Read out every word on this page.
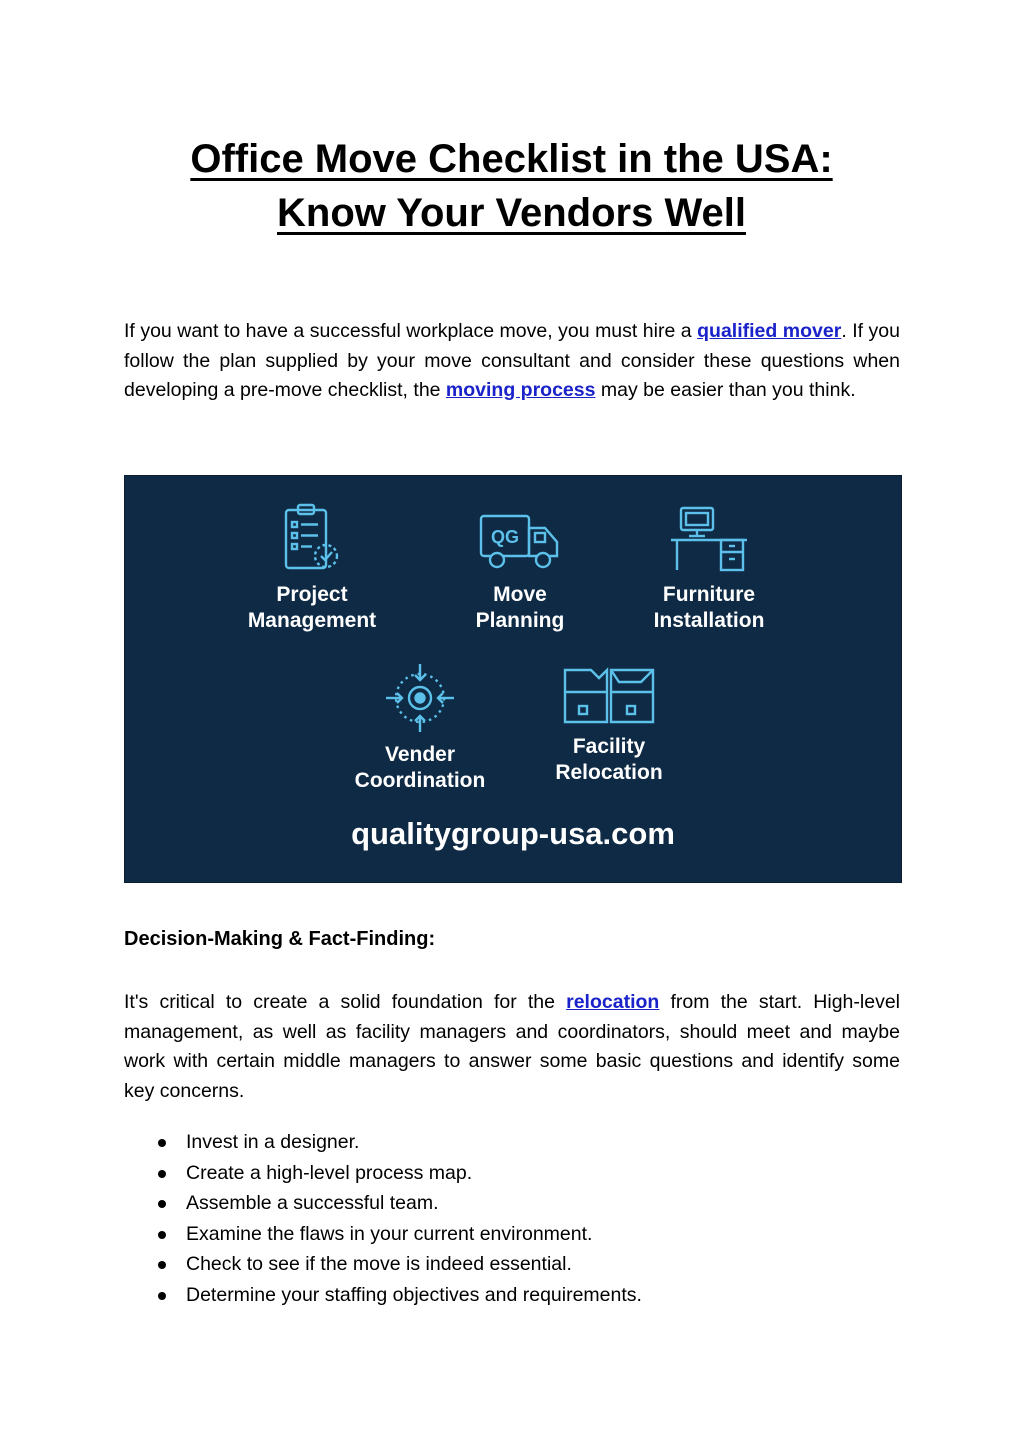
Office Move Checklist in the USA:
Know Your Vendors Well

If you want to have a successful workplace move, you must hire a qualified mover. If you follow the plan supplied by your move consultant and consider these questions when developing a pre-move checklist, the moving process may be easier than you think.

Project
Management
QG
Move
Planning
Furniture
Installation
Vender
Coordination
Facility
Relocation
qualitygroup-usa.com
Decision-Making & Fact-Finding:

It's critical to create a solid foundation for the relocation from the start. High-level management, as well as facility managers and coordinators, should meet and maybe work with certain middle managers to answer some basic questions and identify some key concerns.

Invest in a designer.
Create a high-level process map.
Assemble a successful team.
Examine the flaws in your current environment.
Check to see if the move is indeed essential.
Determine your staffing objectives and requirements.
